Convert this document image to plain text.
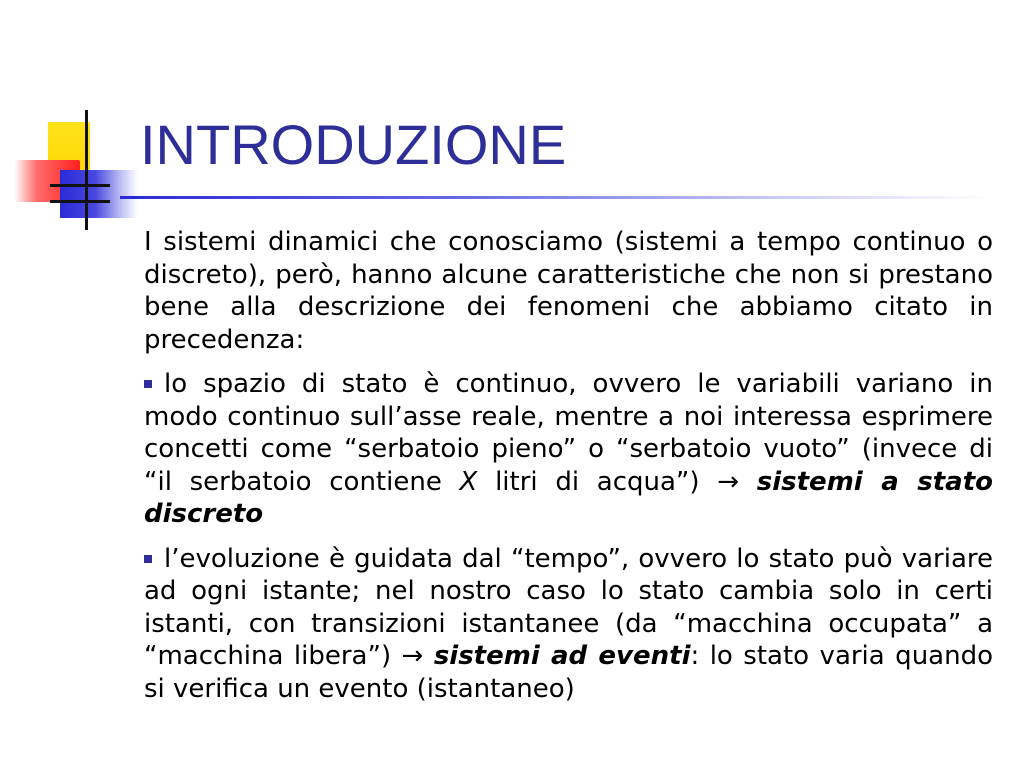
INTRODUZIONE

I sistemi dinamici che conosciamo (sistemi a tempo continuo o discreto), però, hanno alcune caratteristiche che non si prestano bene alla descrizione dei fenomeni che abbiamo citato in precedenza:

lo spazio di stato è continuo, ovvero le variabili variano in modo continuo sull’asse reale, mentre a noi interessa esprimere concetti come “serbatoio pieno” o “serbatoio vuoto” (invece di “il serbatoio contiene X litri di acqua”) → sistemi a stato discreto

l’evoluzione è guidata dal “tempo”, ovvero lo stato può variare ad ogni istante; nel nostro caso lo stato cambia solo in certi istanti, con transizioni istantanee (da “macchina occupata” a “macchina libera”) → sistemi ad eventi: lo stato varia quando si verifica un evento (istantaneo)
